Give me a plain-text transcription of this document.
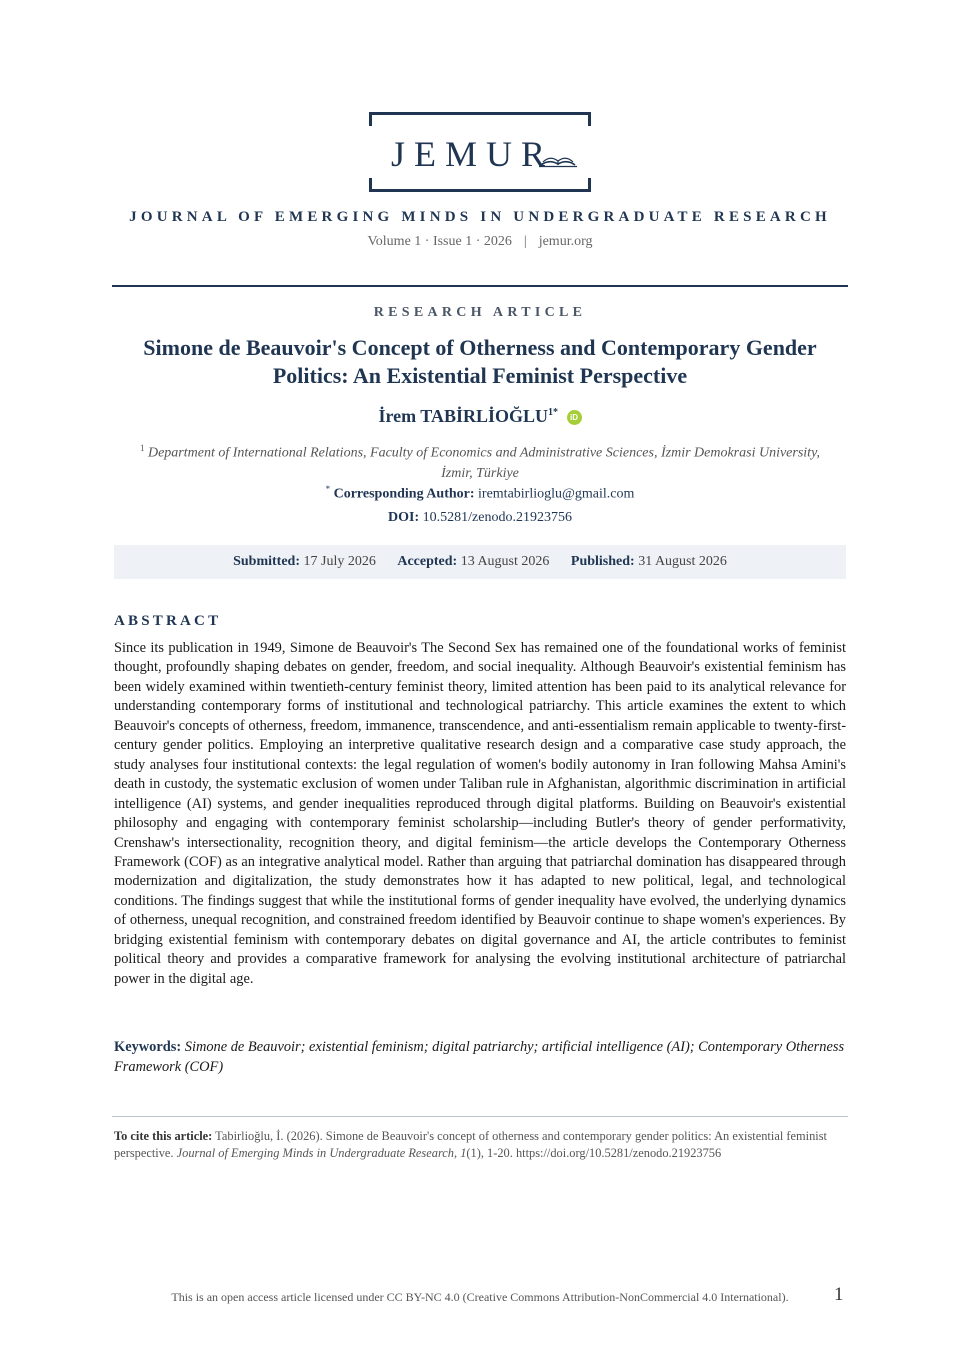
JEMUR
JOURNAL OF EMERGING MINDS IN UNDERGRADUATE RESEARCH
Volume 1 · Issue 1 · 2026 | jemur.org
RESEARCH ARTICLE
Simone de Beauvoir's Concept of Otherness and Contemporary Gender Politics: An Existential Feminist Perspective
İrem $TABİRLİOĞLU^{1*}$ iD
$^1$ Department of International Relations, Faculty of Economics and Administrative Sciences, İzmir Demokrasi University, İzmir, Türkiye
* Corresponding Author: iremtabirlioglu@gmail.com
DOI: 10.5281/zenodo.21923756
Submitted: 17 July 2026 Accepted: 13 August 2026 Published: 31 August 2026
ABSTRACT
Since its publication in 1949, Simone de Beauvoir's The Second Sex has remained one of the foundational works of feminist thought, profoundly shaping debates on gender, freedom, and social inequality. Although Beauvoir's existential feminism has been widely examined within twentieth-century feminist theory, limited attention has been paid to its analytical relevance for understanding contemporary forms of institutional and technological patriarchy. This article examines the extent to which Beauvoir's concepts of otherness, freedom, immanence, transcendence, and anti-essentialism remain applicable to twenty-first-century gender politics. Employing an interpretive qualitative research design and a comparative case study approach, the study analyses four institutional contexts: the legal regulation of women's bodily autonomy in Iran following Mahsa Amini's death in custody, the systematic exclusion of women under Taliban rule in Afghanistan, algorithmic discrimination in artificial intelligence (AI) systems, and gender inequalities reproduced through digital platforms. Building on Beauvoir's existential philosophy and engaging with contemporary feminist scholarship—including Butler's theory of gender performativity, Crenshaw's intersectionality, recognition theory, and digital feminism—the article develops the Contemporary Otherness Framework (COF) as an integrative analytical model. Rather than arguing that patriarchal domination has disappeared through modernization and digitalization, the study demonstrates how it has adapted to new political, legal, and technological conditions. The findings suggest that while the institutional forms of gender inequality have evolved, the underlying dynamics of otherness, unequal recognition, and constrained freedom identified by Beauvoir continue to shape women's experiences. By bridging existential feminism with contemporary debates on digital governance and AI, the article contributes to feminist political theory and provides a comparative framework for analysing the evolving institutional architecture of patriarchal power in the digital age.
Keywords: Simone de Beauvoir; existential feminism; digital patriarchy; artificial intelligence (AI); Contemporary Otherness Framework (COF)
To cite this article: Tabirlioğlu, İ. (2026). Simone de Beauvoir's concept of otherness and contemporary gender politics: An existential feminist perspective. Journal of Emerging Minds in Undergraduate Research, 1(1), 1-20. https://doi.org/10.5281/zenodo.21923756
This is an open access article licensed under CC BY-NC 4.0 (Creative Commons Attribution-NonCommercial 4.0 International).	1
